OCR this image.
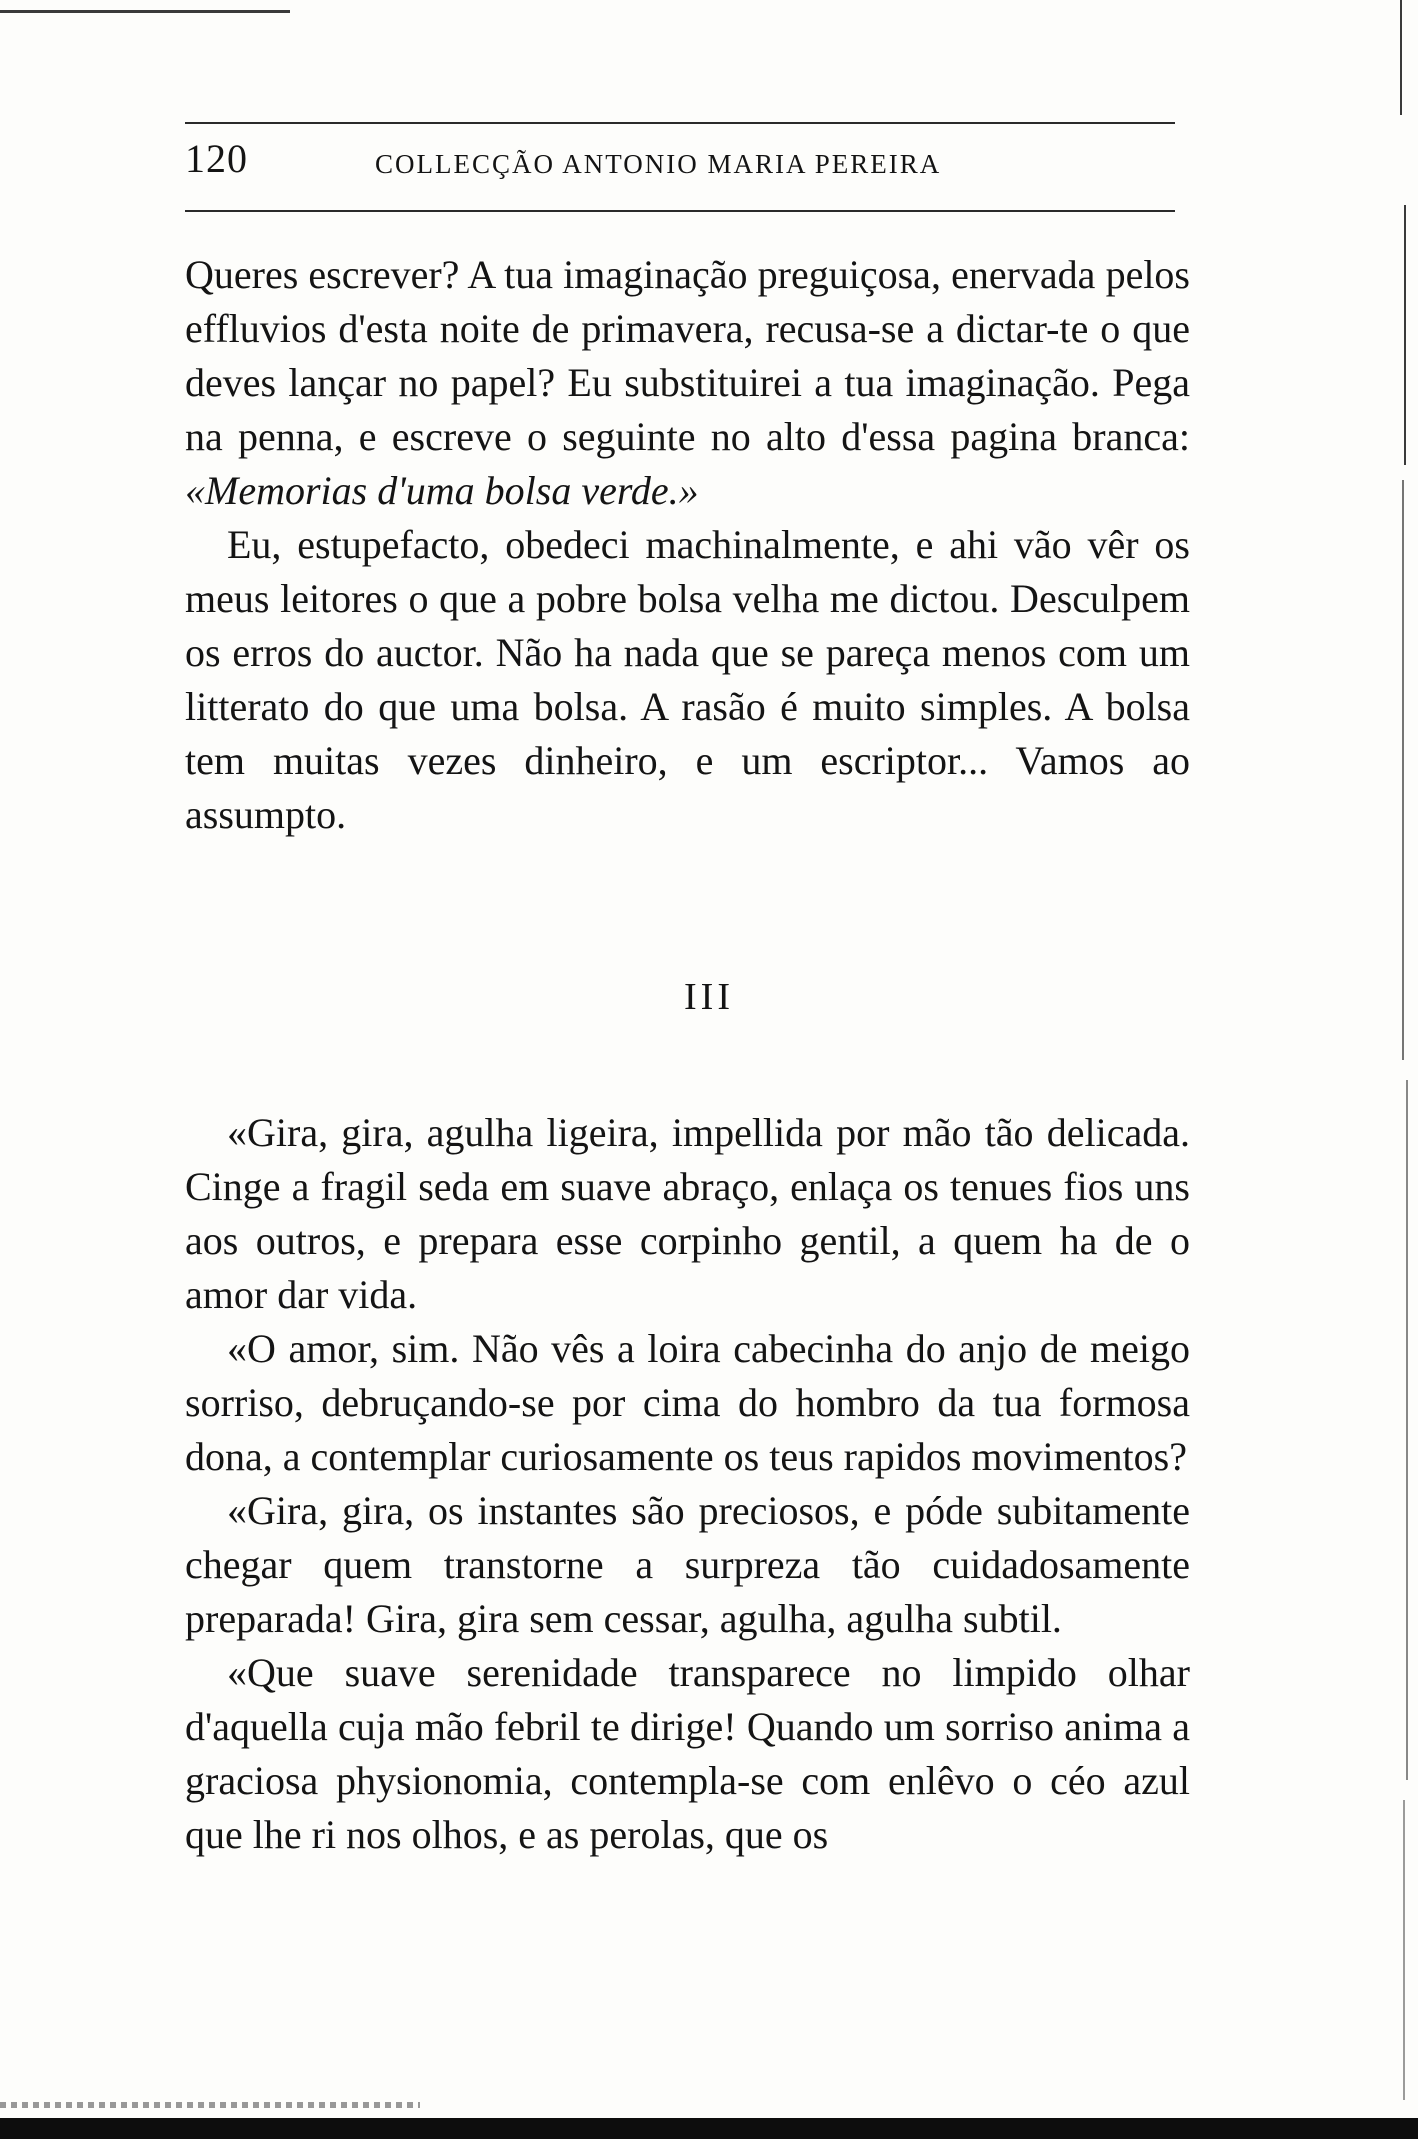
120	COLLECÇÃO ANTONIO MARIA PEREIRA

Queres escrever? A tua imaginação preguiçosa, enervada pelos effluvios d'esta noite de primavera, recusa-se a dictar-te o que deves lançar no papel? Eu substituirei a tua imaginação. Pega na penna, e escreve o seguinte no alto d'essa pagina branca: «Memorias d'uma bolsa verde.»

Eu, estupefacto, obedeci machinalmente, e ahi vão vêr os meus leitores o que a pobre bolsa velha me dictou. Desculpem os erros do auctor. Não ha nada que se pareça menos com um litterato do que uma bolsa. A rasão é muito simples. A bolsa tem muitas vezes dinheiro, e um escriptor... Vamos ao assumpto.

III

«Gira, gira, agulha ligeira, impellida por mão tão delicada. Cinge a fragil seda em suave abraço, enlaça os tenues fios uns aos outros, e prepara esse corpinho gentil, a quem ha de o amor dar vida.

«O amor, sim. Não vês a loira cabecinha do anjo de meigo sorriso, debruçando-se por cima do hombro da tua formosa dona, a contemplar curiosamente os teus rapidos movimentos?

«Gira, gira, os instantes são preciosos, e póde subitamente chegar quem transtorne a surpreza tão cuidadosamente preparada! Gira, gira sem cessar, agulha, agulha subtil.

«Que suave serenidade transparece no limpido olhar d'aquella cuja mão febril te dirige! Quando um sorriso anima a graciosa physionomia, contempla-se com enlêvo o céo azul que lhe ri nos olhos, e as perolas, que os
